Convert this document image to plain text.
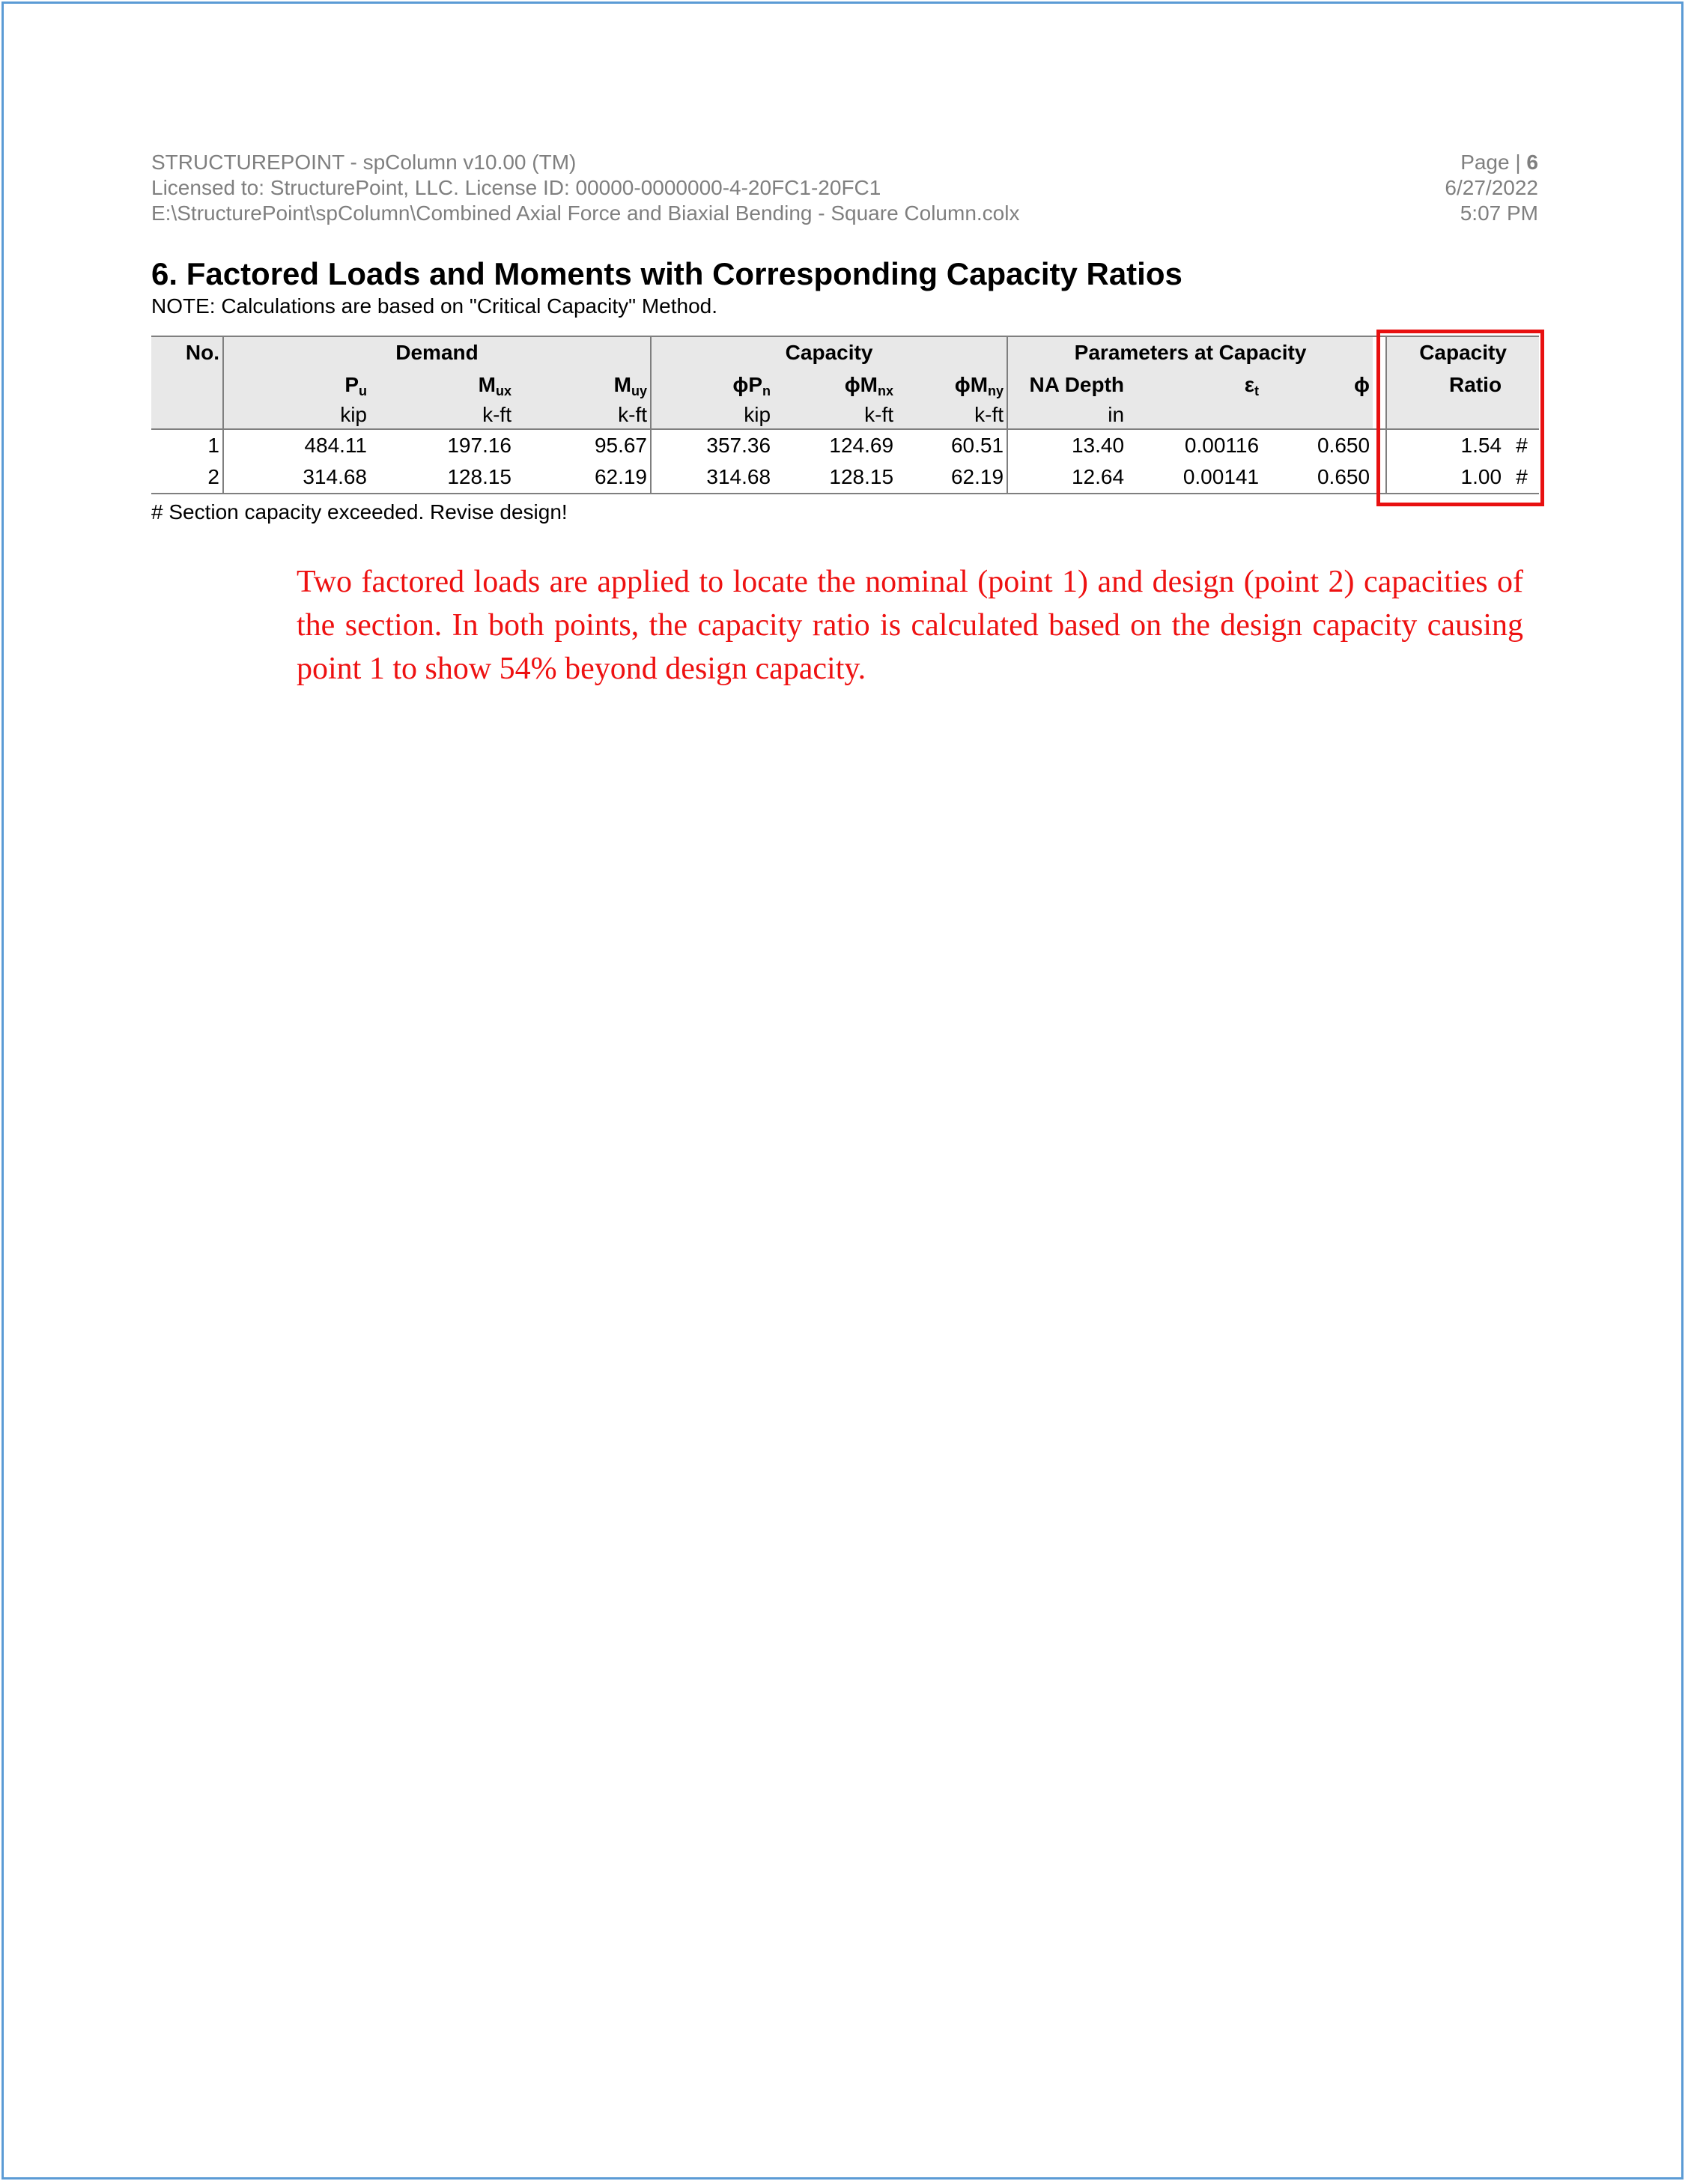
STRUCTUREPOINT - spColumn v10.00 (TM)
Licensed to: StructurePoint, LLC. License ID: 00000-0000000-4-20FC1-20FC1
E:\StructurePoint\spColumn\Combined Axial Force and Biaxial Bending - Square Column.colx
Page | 6
6/27/2022
5:07 PM
6. Factored Loads and Moments with Corresponding Capacity Ratios
NOTE: Calculations are based on "Critical Capacity" Method.
No.	Demand			Capacity			Parameters at Capacity				Capacity	
	$P_u$	$M_{ux}$	$M_{uy}$	$\phi P_n$	$\phi M_{nx}$	$\phi M_{ny}$	NA Depth	$\varepsilon_t$	ϕ		Ratio	
	kip	k-ft	k-ft	kip	k-ft	k-ft	in					
1	484.11	197.16	95.67	357.36	124.69	60.51	13.40	0.00116	0.650		1.54	#
2	314.68	128.15	62.19	314.68	128.15	62.19	12.64	0.00141	0.650		1.00	#
# Section capacity exceeded. Revise design!
Two factored loads are applied to locate the nominal (point 1) and design (point 2) capacities of the section. In both points, the capacity ratio is calculated based on the design capacity causing point 1 to show 54% beyond design capacity.
